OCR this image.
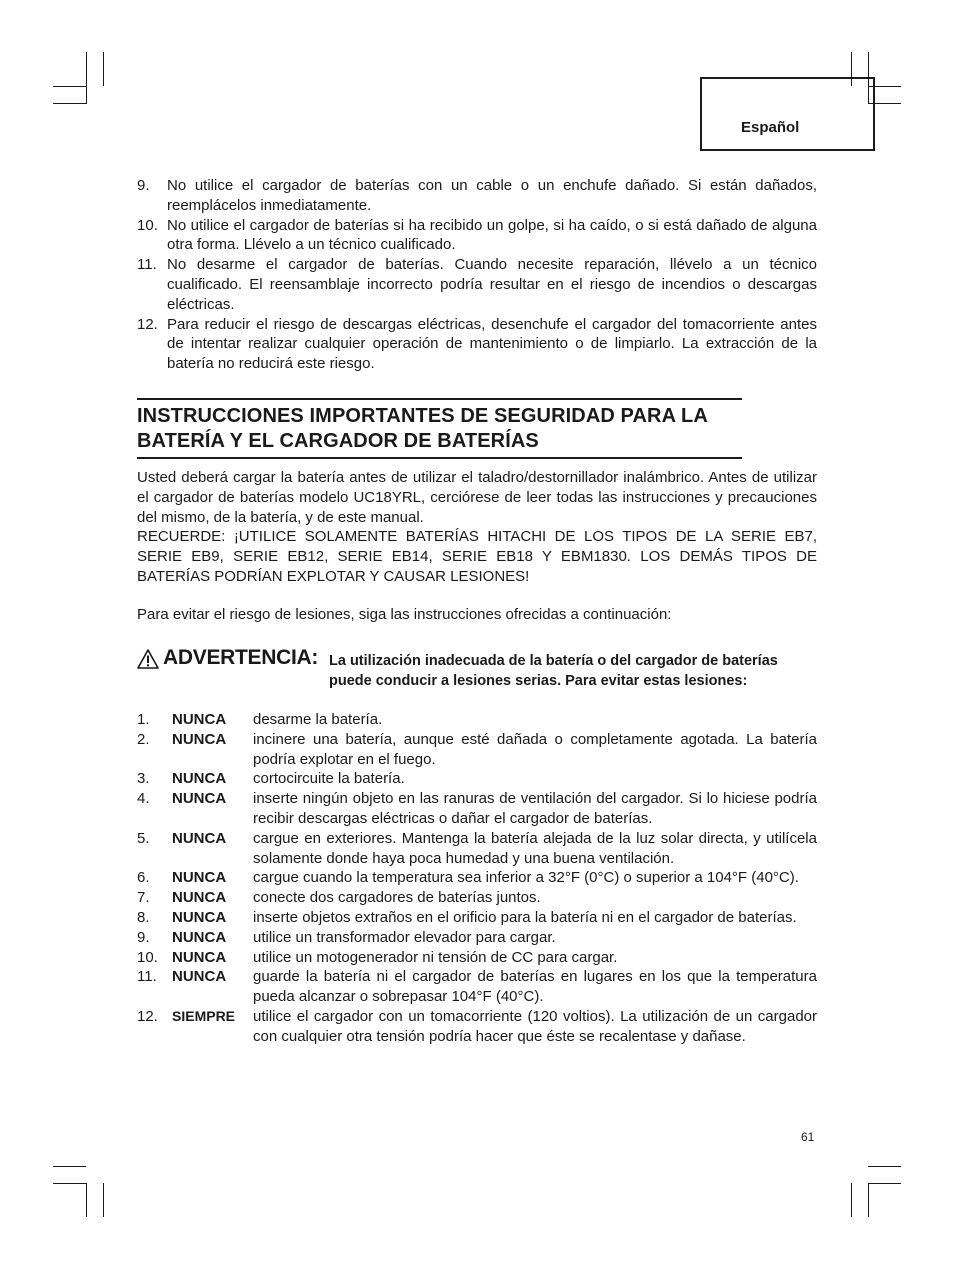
Español
9. No utilice el cargador de baterías con un cable o un enchufe dañado. Si están dañados, reemplácelos inmediatamente.
10. No utilice el cargador de baterías si ha recibido un golpe, si ha caído, o si está dañado de alguna otra forma. Llévelo a un técnico cualificado.
11. No desarme el cargador de baterías. Cuando necesite reparación, llévelo a un técnico cualificado. El reensamblaje incorrecto podría resultar en el riesgo de incendios o descargas eléctricas.
12. Para reducir el riesgo de descargas eléctricas, desenchufe el cargador del tomacorriente antes de intentar realizar cualquier operación de mantenimiento o de limpiarlo. La extracción de la batería no reducirá este riesgo.
INSTRUCCIONES IMPORTANTES DE SEGURIDAD PARA LA
BATERÍA Y EL CARGADOR DE BATERÍAS

Usted deberá cargar la batería antes de utilizar el taladro/destornillador inalámbrico. Antes de utilizar el cargador de baterías modelo UC18YRL, cerciórese de leer todas las instrucciones y precauciones del mismo, de la batería, y de este manual.

RECUERDE: ¡UTILICE SOLAMENTE BATERÍAS HITACHI DE LOS TIPOS DE LA SERIE EB7, SERIE EB9, SERIE EB12, SERIE EB14, SERIE EB18 Y EBM1830. LOS DEMÁS TIPOS DE BATERÍAS PODRÍAN EXPLOTAR Y CAUSAR LESIONES!

Para evitar el riesgo de lesiones, siga las instrucciones ofrecidas a continuación:

ADVERTENCIA: La utilización inadecuada de la batería o del cargador de baterías puede conducir a lesiones serias. Para evitar estas lesiones:
1. NUNCA desarme la batería.
2. NUNCA incinere una batería, aunque esté dañada o completamente agotada. La batería podría explotar en el fuego.
3. NUNCA cortocircuite la batería.
4. NUNCA inserte ningún objeto en las ranuras de ventilación del cargador. Si lo hiciese podría recibir descargas eléctricas o dañar el cargador de baterías.
5. NUNCA cargue en exteriores. Mantenga la batería alejada de la luz solar directa, y utilícela solamente donde haya poca humedad y una buena ventilación.
6. NUNCA cargue cuando la temperatura sea inferior a 32°F (0°C) o superior a 104°F (40°C).
7. NUNCA conecte dos cargadores de baterías juntos.
8. NUNCA inserte objetos extraños en el orificio para la batería ni en el cargador de baterías.
9. NUNCA utilice un transformador elevador para cargar.
10. NUNCA utilice un motogenerador ni tensión de CC para cargar.
11. NUNCA guarde la batería ni el cargador de baterías en lugares en los que la temperatura pueda alcanzar o sobrepasar 104°F (40°C).
12. SIEMPRE utilice el cargador con un tomacorriente (120 voltios). La utilización de un cargador con cualquier otra tensión podría hacer que éste se recalentase y dañase.
61
